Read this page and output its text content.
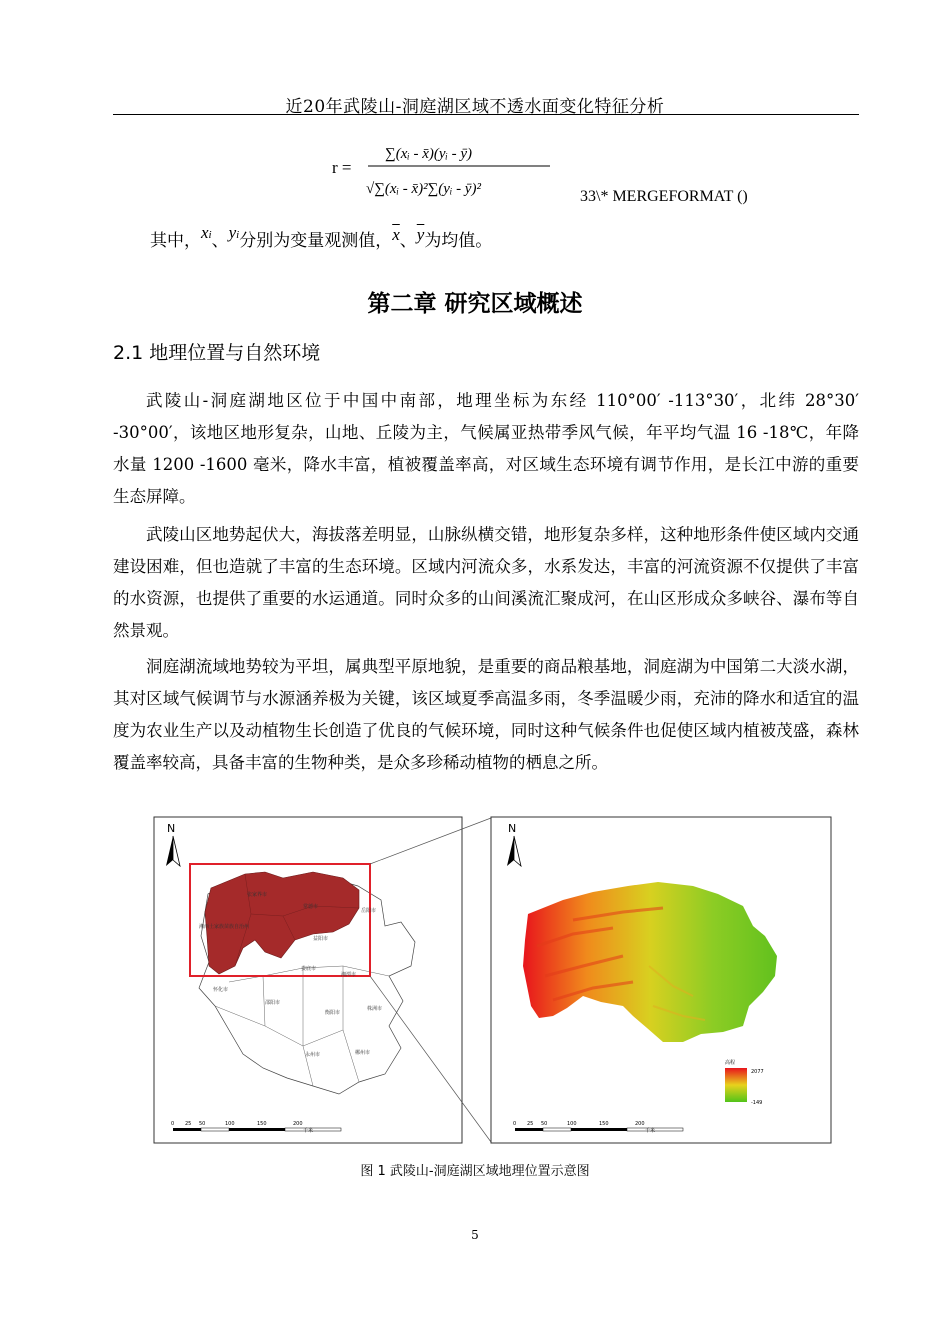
近20年武陵山-洞庭湖区域不透水面变化特征分析
r =
∑(xᵢ - x̄)(yᵢ - ȳ)
√∑(xᵢ - x̄)²∑(yᵢ - ȳ)²	33\* MERGEFORMAT ()
其中，$x^i$、$y^i$分别为变量观测值，$\overline{x}$、$\overline{y}$为均值。
第二章 研究区域概述
2.1 地理位置与自然环境

武陵山-洞庭湖地区位于中国中南部，地理坐标为东经 110°00′ -113°30′，北纬 28°30′ -30°00′，该地区地形复杂，山地、丘陵为主，气候属亚热带季风气候，年平均气温 16 -18℃，年降水量 1200 -1600 毫米，降水丰富，植被覆盖率高，对区域生态环境有调节作用，是长江中游的重要生态屏障。

武陵山区地势起伏大，海拔落差明显，山脉纵横交错，地形复杂多样，这种地形条件使区域内交通建设困难，但也造就了丰富的生态环境。区域内河流众多，水系发达，丰富的河流资源不仅提供了丰富的水资源，也提供了重要的水运通道。同时众多的山间溪流汇聚成河，在山区形成众多峡谷、瀑布等自然景观。

洞庭湖流域地势较为平坦，属典型平原地貌，是重要的商品粮基地，洞庭湖为中国第二大淡水湖，其对区域气候调节与水源涵养极为关键，该区域夏季高温多雨，冬季温暖少雨，充沛的降水和适宜的温度为农业生产以及动植物生长创造了优良的气候环境，同时这种气候条件也促使区域内植被茂盛，森林覆盖率较高，具备丰富的生物种类，是众多珍稀动植物的栖息之所。

N
张家界市
常德市
岳阳市
湘西土家族苗族自治州
益阳市
娄底市
湘潭市
怀化市
邵阳市
衡阳市
株洲市
永州市	郴州市
0 25 50	100	150	200
千米
N
高程
2077
-149
0 25 50	100	150	200
千米
图 1 武陵山-洞庭湖区域地理位置示意图
5
